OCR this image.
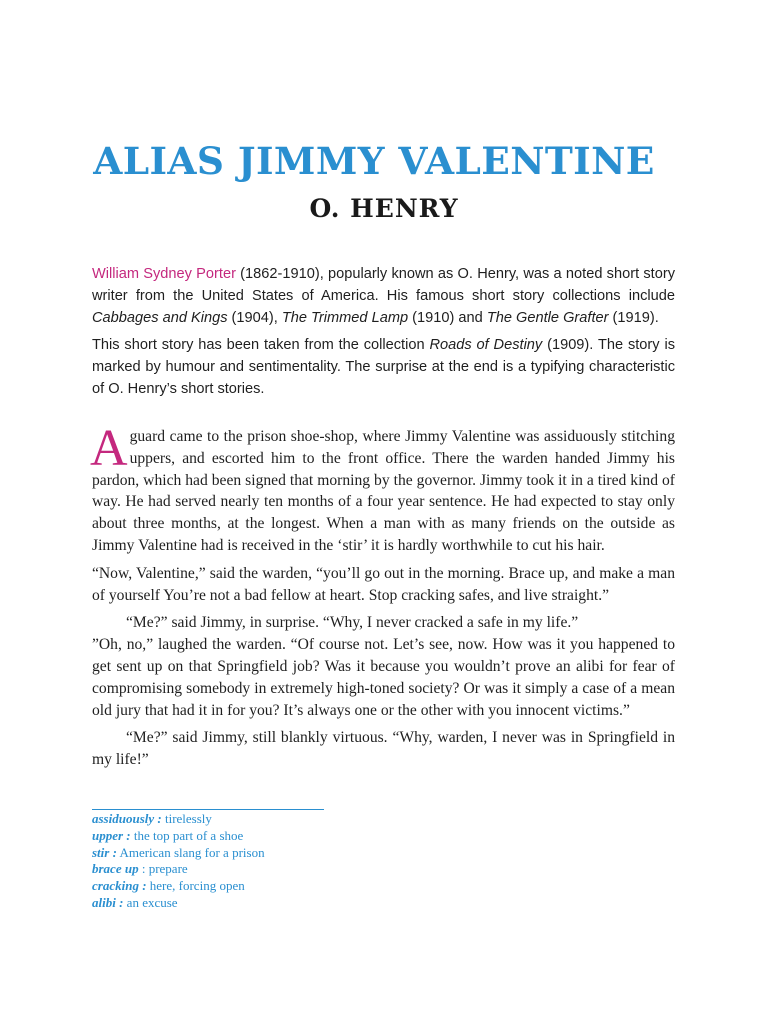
ALIAS JIMMY VALENTINE
O. HENRY

William Sydney Porter (1862-1910), popularly known as O. Henry, was a noted short story writer from the United States of America. His famous short story collections include Cabbages and Kings (1904), The Trimmed Lamp (1910) and The Gentle Grafter (1919).

This short story has been taken from the collection Roads of Destiny (1909). The story is marked by humour and sentimentality. The surprise at the end is a typifying characteristic of O. Henry’s short stories.

Aguard came to the prison shoe-shop, where Jimmy Valentine was assiduously stitching uppers, and escorted him to the front office. There the warden handed Jimmy his pardon, which had been signed that morning by the governor. Jimmy took it in a tired kind of way. He had served nearly ten months of a four year sentence. He had expected to stay only about three months, at the longest. When a man with as many friends on the outside as Jimmy Valentine had is received in the ‘stir’ it is hardly worthwhile to cut his hair.

“Now, Valentine,” said the warden, “you’ll go out in the morning. Brace up, and make a man of yourself You’re not a bad fellow at heart. Stop cracking safes, and live straight.”

“Me?” said Jimmy, in surprise. “Why, I never cracked a safe in my life.”

”Oh, no,” laughed the warden. “Of course not. Let’s see, now. How was it you happened to get sent up on that Springfield job? Was it because you wouldn’t prove an alibi for fear of compromising somebody in extremely high-toned society? Or was it simply a case of a mean old jury that had it in for you? It’s always one or the other with you innocent victims.”

“Me?” said Jimmy, still blankly virtuous. “Why, warden, I never was in Springfield in my life!”

assiduously : tirelessly
upper : the top part of a shoe
stir : American slang for a prison
brace up : prepare
cracking : here, forcing open
alibi : an excuse
